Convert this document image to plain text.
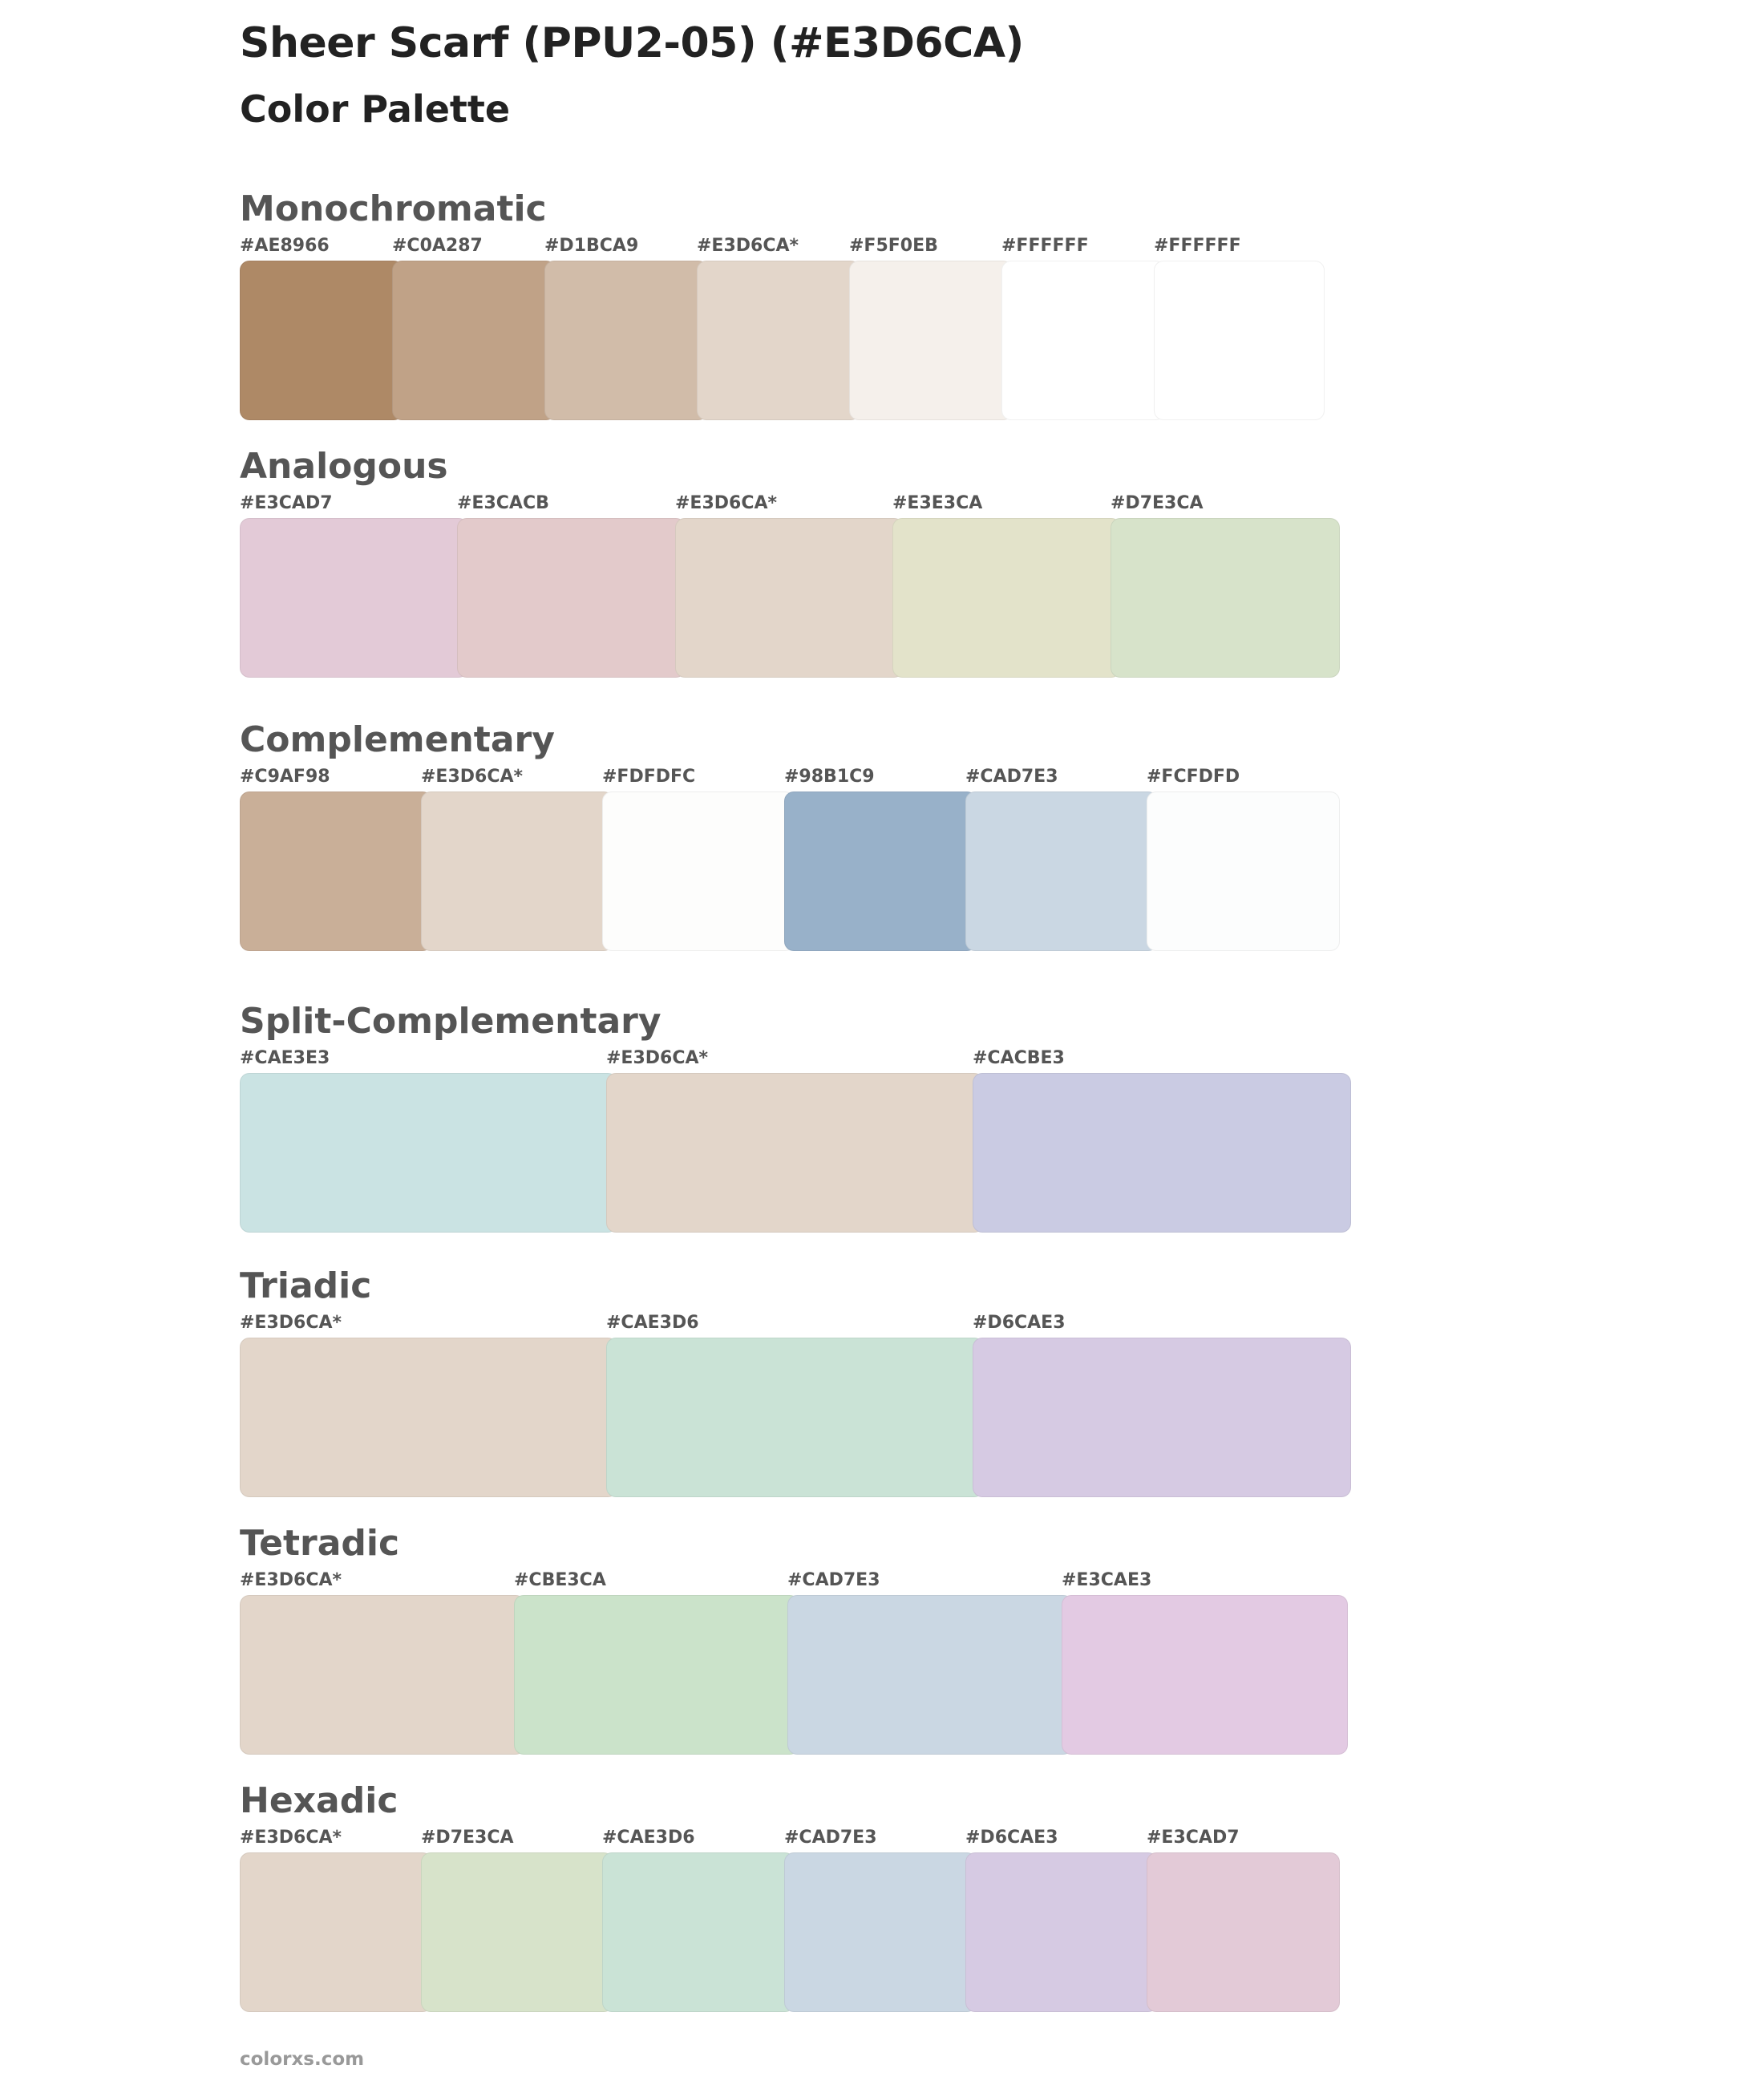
Sheer Scarf (PPU2-05) (#E3D6CA)
Color Palette
Monochromatic
#AE8966	#C0A287	#D1BCA9	#E3D6CA*	#F5F0EB	#FFFFFF	#FFFFFF
Analogous
#E3CAD7	#E3CACB	#E3D6CA*	#E3E3CA	#D7E3CA
Complementary
#C9AF98	#E3D6CA*	#FDFDFC	#98B1C9	#CAD7E3	#FCFDFD
Split-Complementary
#CAE3E3	#E3D6CA*	#CACBE3
Triadic
#E3D6CA*	#CAE3D6	#D6CAE3
Tetradic
#E3D6CA*	#CBE3CA	#CAD7E3	#E3CAE3
Hexadic
#E3D6CA*	#D7E3CA	#CAE3D6	#CAD7E3	#D6CAE3	#E3CAD7
colorxs.com
